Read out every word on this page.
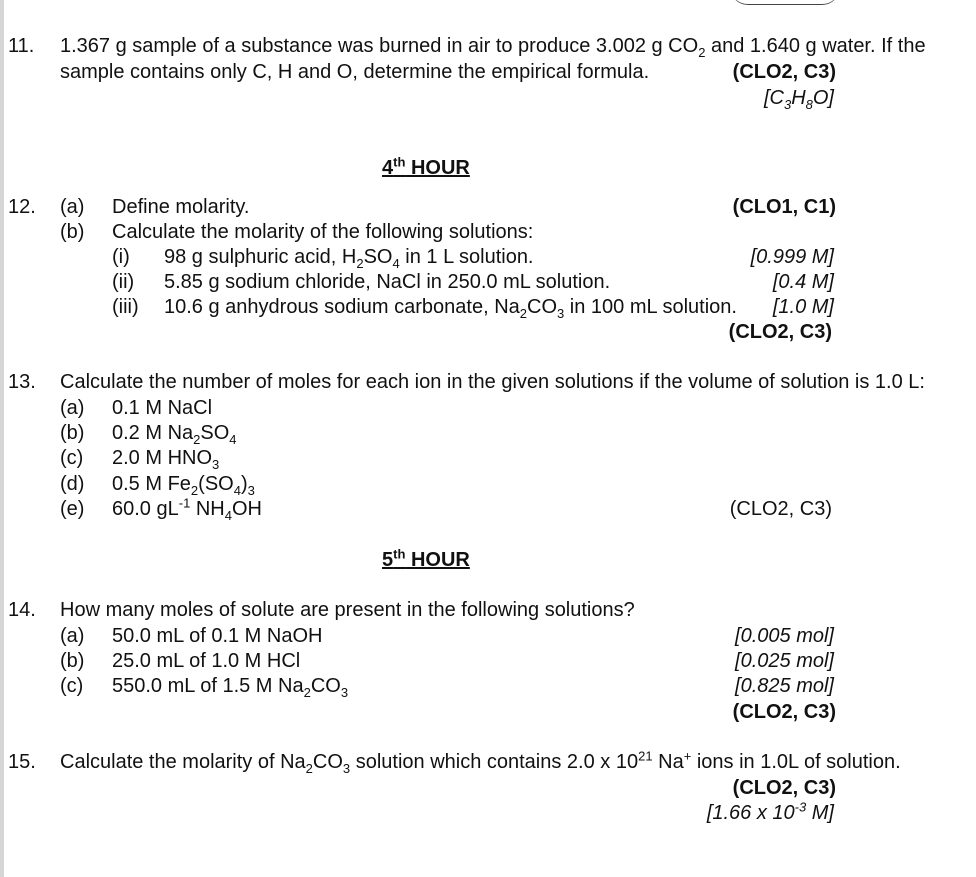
11. 1.367 g sample of a substance was burned in air to produce 3.002 g $CO_2$ and 1.640 g water. If the
sample contains only C, H and O, determine the empirical formula.	(CLO2, C3)
$[C_3H_8O]$
4th HOUR
12. (a) Define molarity.	(CLO1, C1)
(b) Calculate the molarity of the following solutions:
(i) 98 g sulphuric acid, $H_2SO_4$ in 1 L solution.	[0.999 M]
(ii) 5.85 g sodium chloride, NaCl in 250.0 mL solution.	[0.4 M]
(iii) 10.6 g anhydrous sodium carbonate, $Na_2CO_3$ in 100 mL solution.	[1.0 M]
(CLO2, C3)
13. Calculate the number of moles for each ion in the given solutions if the volume of solution is 1.0 L:
(a) 0.1 M NaCl
(b) 0.2 M $Na_2SO_4$
(c) 2.0 M $HNO_3$
(d) 0.5 M $Fe_2(SO_4)_3$
(e) 60.0 $gL^{-1}$ $NH_4OH$	(CLO2, C3)
5th HOUR
14. How many moles of solute are present in the following solutions?
(a) 50.0 mL of 0.1 M NaOH	[0.005 mol]
(b) 25.0 mL of 1.0 M HCl	[0.025 mol]
(c) 550.0 mL of 1.5 M $Na_2CO_3$	[0.825 mol]
(CLO2, C3)
15. Calculate the molarity of $Na_2CO_3$ solution which contains 2.0 x $10^{21}$ Na+ ions in 1.0L of solution.
(CLO2, C3)
[1.66 x $10^{-3}$ M]
